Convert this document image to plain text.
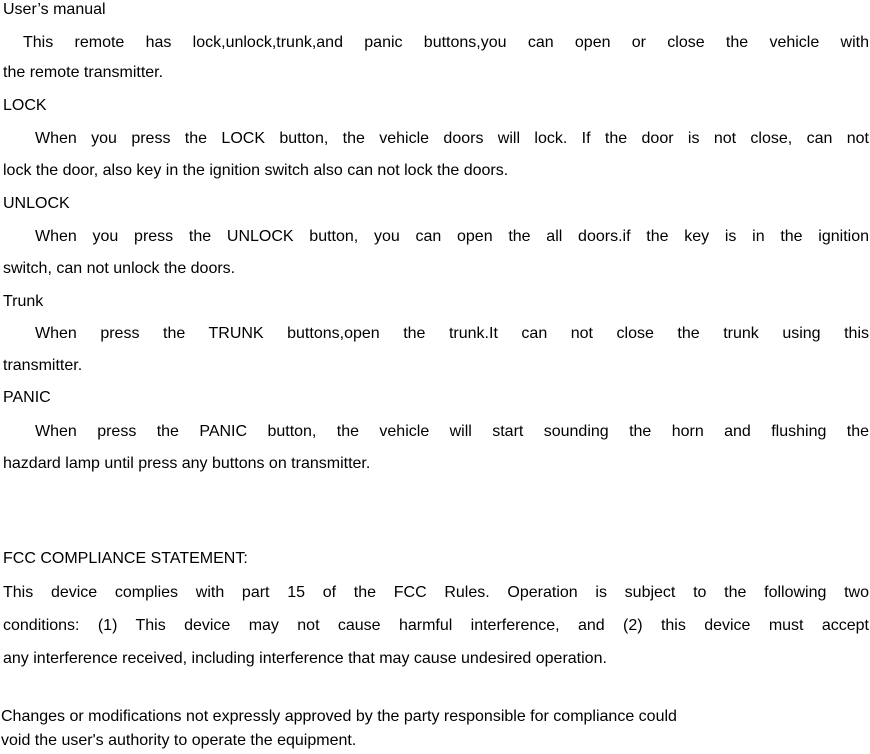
User’s manual
This remote has lock,unlock,trunk,and panic buttons,you can open or close the vehicle with
the remote transmitter.
LOCK
When you press the LOCK button, the vehicle doors will lock. If the door is not close, can not
lock the door, also key in the ignition switch also can not lock the doors.
UNLOCK
When you press the UNLOCK button, you can open the all doors.if the key is in the ignition
switch, can not unlock the doors.
Trunk
When press the TRUNK buttons,open the trunk.It can not close the trunk using this
transmitter.
PANIC
When press the PANIC button, the vehicle will start sounding the horn and flushing the
hazdard lamp until press any buttons on transmitter.
FCC COMPLIANCE STATEMENT:
This device complies with part 15 of the FCC Rules. Operation is subject to the following two
conditions: (1) This device may not cause harmful interference, and (2) this device must accept
any interference received, including interference that may cause undesired operation.
Changes or modifications not expressly approved by the party responsible for compliance could
void the user's authority to operate the equipment.
